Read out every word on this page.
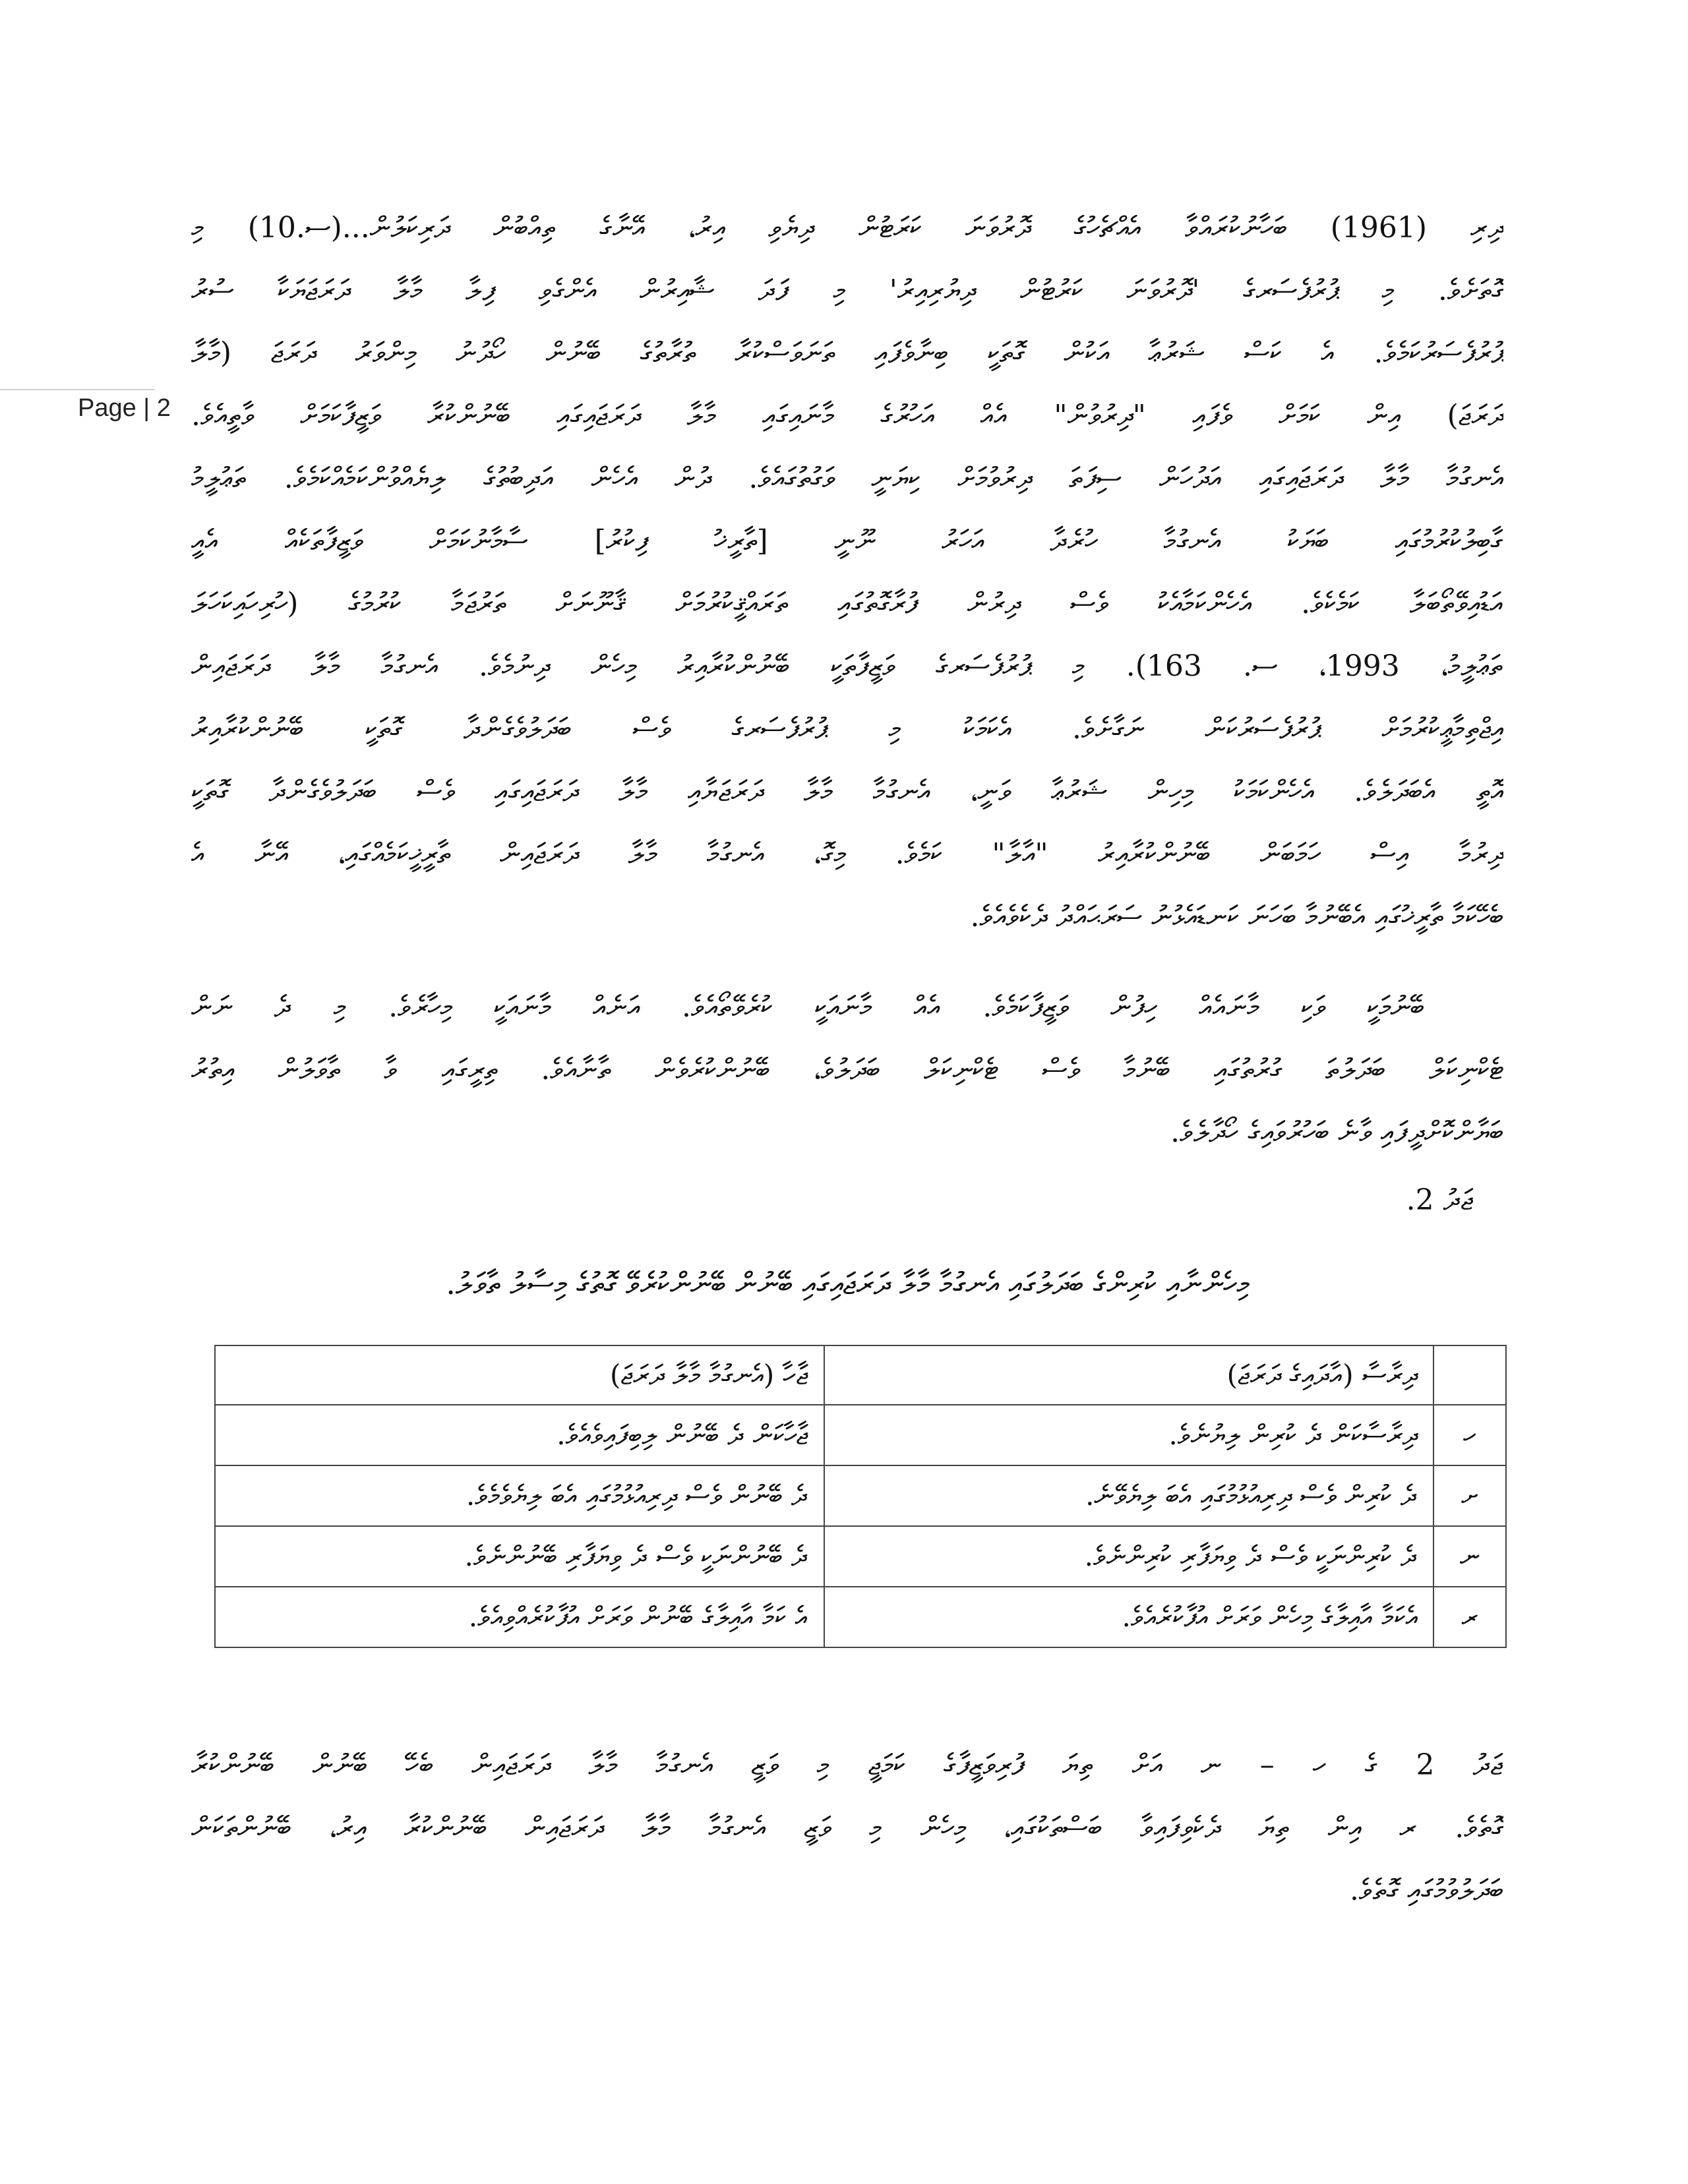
Page | 2
ދިރި (1961) ބަހާނުކުރައްވާ އެއްޗެހުގެ ދޮރުވަނަ ކަރަޓުން ދިޔެވި އިރު، އޭނާގެ ތިއްބުން ދަރިކަލުން...(ސ.10) މި
ގޮތަށެވެ. މި ޕުރުފެސަރގެ 'ދޮރުވަނަ ކަރުޓުން ދިޔުރިއިރު' މި ފަދަ ޝާއިރުން އެންގެވި ފިލާ މާލާ ދަރަޖަޔަކާ ސުރު
ޕުރުފެސަރުކަމެވެ. އެ ކަސް ޝަރުޢާ އަކުން ގޮތަކީ ބިނާވެފައި ތަނަވަސްކުރާ ތުރާތުގެ ބޭނުން ހޯދުނު މިންވަރު ދަރަޖަ (މާލާ
ދަރަޖަ) އިން ކަމަށް ވެފައި "ދިރުވުން" އެއް އަހުރުގެ މާނައިގައި މާލާ ދަރަޖައިގައި ބޭނުންކުރާ ވަޒީފާކަމަށް ވާތީއެވެ.
އެނގުމާ މާލާ ދަރަޖައިގައި އަދުހަން ސިފަތަ ދިރުވުމަށް ކިޔަނީ ވަގުތުގައެވެ. ދުން އެހެން އަދިބުތުގެ ލިޔެއްވުންކަމެއްކަމެވެ. ތަޢުލީމު
ގާބިލުކުރުމުގައި ބަޔަކު އެނގުމާ ހުރެދާ އަހަރު ނޫނީ [ތާރީޚު ފިކުރު] ސާމާނުކަމަށް ވަޒީފާތަކެއް އެއީ
އަޑުއިވޭތޯބަލާ ކަމެކެވެ. އެހެންކަމާއެކު ވެސް ދިރުން ފުރާގޮތުގައި ތަރައްޤީކުރުމަށް ޤާނޫނަށް ތަރުޖަމާ ކުރުމުގެ (ހުރިހައިކަހަލަ
ތަޢުލީމު، 1993، ސ. 163). މި ޕުރުފެސަރގެ ވަޒީފާތަކީ ބޭނުންކުރާއިރު މިހެން ދިނުމެވެ. އެނގުމާ މާލާ ދަރަޖައިން
އިޖްތިމާޢީކުރުމަށް ޕުރުފެސަރުކަން ނަގާށެވެ. އެކަމަކު މި ޕުރުފެސަރގެ ވެސް ބަދަލުވެގެންދާ ގޮތަކީ ބޭނުންކުރާއިރު
އޮތީ އެބަދަލެވެ. އެހެންކަމަކު މިހިން ޝަރުޢާ ވަނީ، އެނގުމާ މާލާ ދަރަޖަޔާއި މާލާ ދަރަޖައިގައި ވެސް ބަދަލުވެގެންދާ ގޮތަކީ
ދިރުމާ އިސް ހަމަބަން ބޭނުންކުރާއިރު "އާލާ" ކަމެވެ. މިގޮ، އެނގުމާ މާލާ ދަރަޖައިން ތާރީޚީކަމެއްގައި، އޭނާ އެ
ބެހޭކަމާ ތާރީޚުގައި އެބޭނުމާ ބަހަނަ ކަނޑައެޅުނު ސަރަޙައްދު ދެކެވެއެވެ.
ބޭނުމަކީ ވަކި މާނައެއް ހިފުން ވަޒީފާކަމެވެ. އެއް މާނައަކީ ކުރެވޭތޯއެވެ. އަނެއް މާނައަކީ މިހާރެވެ. މި ދެ ނަން
ޓެކްނިކަލް ބަދަލުތަ ގުރުތުގައި ބޭނުމާ ވެސް ޓެކްނިކަލް ބަދަލުވެ، ބޭނުންކުރެވެން ތާނާއެވެ. ތިރީގައި ވާ ތާވަލުން އިތުރު
ބަޔާންކޮށްދީފައި ވާނެ ބަހުރުވައިގެ ހޯދާލެވެ.
ޖަދު 2.
މިހެންނާއި ކުރިންގެ ބަދަލުގައި އެނގުމާ މާލާ ދަރަޖައިގައި ބޭނުން ބޭނުންކުރެވޭ ގޮތުގެ މިސާލު ތާވަލު.
	ދިރާސާ (އާދައިގެ ދަރަޖަ)	ޖާހާ (އެނގުމާ މާލާ ދަރަޖަ)
ހ	ދިރާސާކަން ދެ ކުރިން ލިޔުނެވެ.	ޖާހާކަން ދެ ބޭނުން ލިބިފައިވެއެވެ.
ށ	ދެ ކުރިން ވެސް ދިރިއުޅުމުގައި އެބަ ލިޔެވޭނެ.	ދެ ބޭނުން ވެސް ދިރިއުޅުމުގައި އެބަ ލިޔެވެމެވެ.
ނ	ދެ ކުރިންނަކީ ވެސް ދެ ވިޔަފާރި ކުރިންނެވެ.	ދެ ބޭނުންނަކީ ވެސް ދެ ވިޔަފާރި ބޭނުންނެވެ.
ރ	އެކަމާ އާއިލާގެ މިހެން ވަރަށް އުފާކުރެއެވެ.	އެ ކަމާ އާއިލާގެ ބޭނުން ވަރަށް އުފާކުރެއްވިއެވެ.
ޖަދު 2 ގެ ހ – ނ އަށް ތިޔަ ފުރިވަޒީފާގެ ކަމަޖީ މި ވަޒީ އެނގުމާ މާލާ ދަރަޖައިން ބެހޭ ބޭނުން ބޭނުންކުރާ
ގޮތެވެ. ރ އިން ތިޔަ ދެކެވިފައިވާ ބަސްތަކުގައި، މިހެން މި ވަޒީ އެނގުމާ މާލާ ދަރަޖައިން ބޭނުންކުރާ އިރު، ބޭނުންތަކަން
ބަދަލުވުމުގައި ގޮތެވެ.
